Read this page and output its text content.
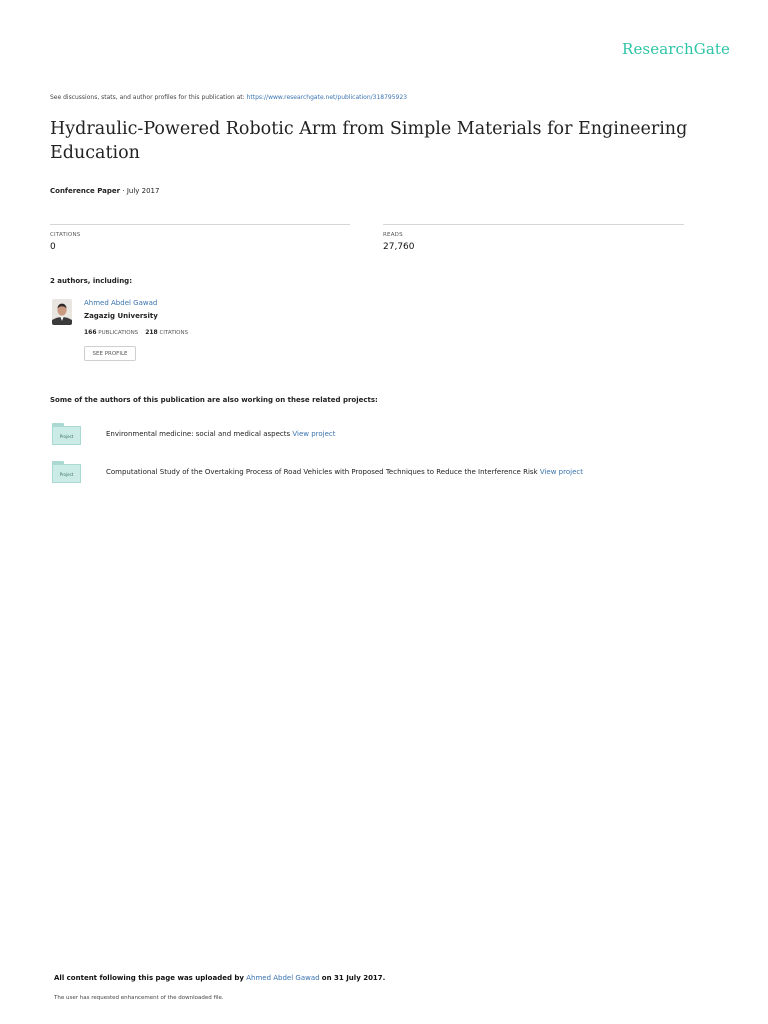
ResearchGate
See discussions, stats, and author profiles for this publication at: https://www.researchgate.net/publication/318795923
Hydraulic-Powered Robotic Arm from Simple Materials for Engineering Education
Conference Paper · July 2017
CITATIONS
0
READS
27,760
2 authors, including:
Ahmed Abdel Gawad
Zagazig University
166 PUBLICATIONS 218 CITATIONS
SEE PROFILE
Some of the authors of this publication are also working on these related projects:
Project	Environmental medicine: social and medical aspects View project
Project	Computational Study of the Overtaking Process of Road Vehicles with Proposed Techniques to Reduce the Interference Risk View project
All content following this page was uploaded by Ahmed Abdel Gawad on 31 July 2017.
The user has requested enhancement of the downloaded file.
